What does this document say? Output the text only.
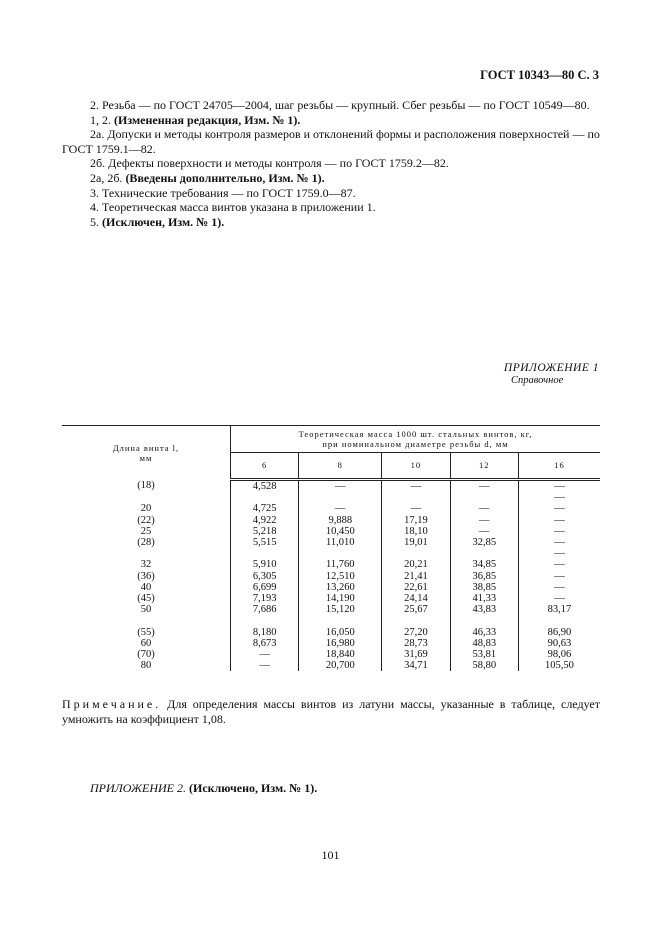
ГОСТ 10343—80 С. 3

2. Резьба — по ГОСТ 24705—2004, шаг резьбы — крупный. Сбег резьбы — по ГОСТ 10549—80.

1, 2. (Измененная редакция, Изм. № 1).

2а. Допуски и методы контроля размеров и отклонений формы и расположения поверхностей — по ГОСТ 1759.1—82.

2б. Дефекты поверхности и методы контроля — по ГОСТ 1759.2—82.

2а, 2б. (Введены дополнительно, Изм. № 1).

3. Технические требования — по ГОСТ 1759.0—87.

4. Теоретическая масса винтов указана в приложении 1.

5. (Исключен, Изм. № 1).

ПРИЛОЖЕНИЕ 1
Справочное
Длина винта l,
мм	Теоретическая масса 1000 шт. стальных винтов, кг,
при номинальном диаметре резьбы d, мм				
	6	8	10	12	16
(18)	4,528	—	—	—	—
					—
20	4,725	—	—	—	—
(22)	4,922	9,888	17,19	—	—
25	5,218	10,450	18,10	—	—
(28)	5,515	11,010	19,01	32,85	—
					—
32	5,910	11,760	20,21	34,85	—
(36)	6,305	12,510	21,41	36,85	—
40	6,699	13,260	22,61	38,85	—
(45)	7,193	14,190	24,14	41,33	—
50	7,686	15,120	25,67	43,83	83,17

(55)	8,180	16,050	27,20	46,33	86,90
60	8,673	16,980	28,73	48,83	90,63
(70)	—	18,840	31,69	53,81	98,06
80	—	20,700	34,71	58,80	105,50
Примечание. Для определения массы винтов из латуни массы, указанные в таблице, следует умножить на коэффициент 1,08.
ПРИЛОЖЕНИЕ 2. (Исключено, Изм. № 1).
101
